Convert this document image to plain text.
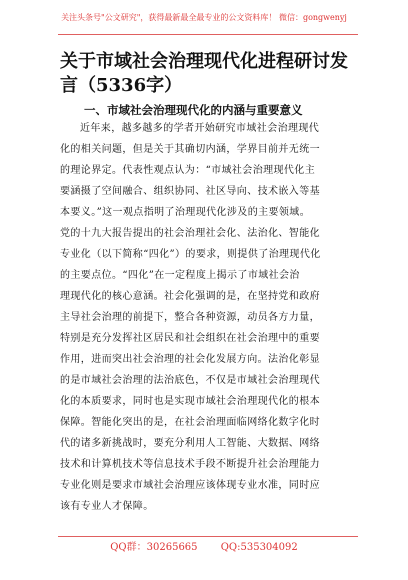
关注头条号"公文研究"，获得最新最全最专业的公文资料库！ 微信：gongwenyj
关于市域社会治理现代化进程研讨发言（5336字）
一、市域社会治理现代化的内涵与重要意义
近年来，越多越多的学者开始研究市域社会治理现代
化的相关问题，但是关于其确切内涵，学界目前并无统一
的理论界定。代表性观点认为：“市域社会治理现代化主
要涵摄了空间融合、组织协同、社区导向、技术嵌入等基
本要义。”这一观点指明了治理现代化涉及的主要领域。
党的十九大报告提出的社会治理社会化、法治化、智能化
专业化（以下简称“四化”）的要求，则提供了治理现代化
的主要点位。“四化”在一定程度上揭示了市域社会治
理现代化的核心意涵。社会化强调的是，在坚持党和政府
主导社会治理的前提下，整合各种资源，动员各方力量，
特别是充分发挥社区居民和社会组织在社会治理中的重要
作用，进而突出社会治理的社会化发展方向。法治化彰显
的是市域社会治理的法治底色，不仅是市域社会治理现代
化的本质要求，同时也是实现市域社会治理现代化的根本
保障。智能化突出的是，在社会治理面临网络化数字化时
代的诸多新挑战时，要充分利用人工智能、大数据、网络
技术和计算机技术等信息技术手段不断提升社会治理能力
专业化则是要求市域社会治理应该体现专业水准，同时应
该有专业人才保障。
QQ群：30265665 QQ:535304092
